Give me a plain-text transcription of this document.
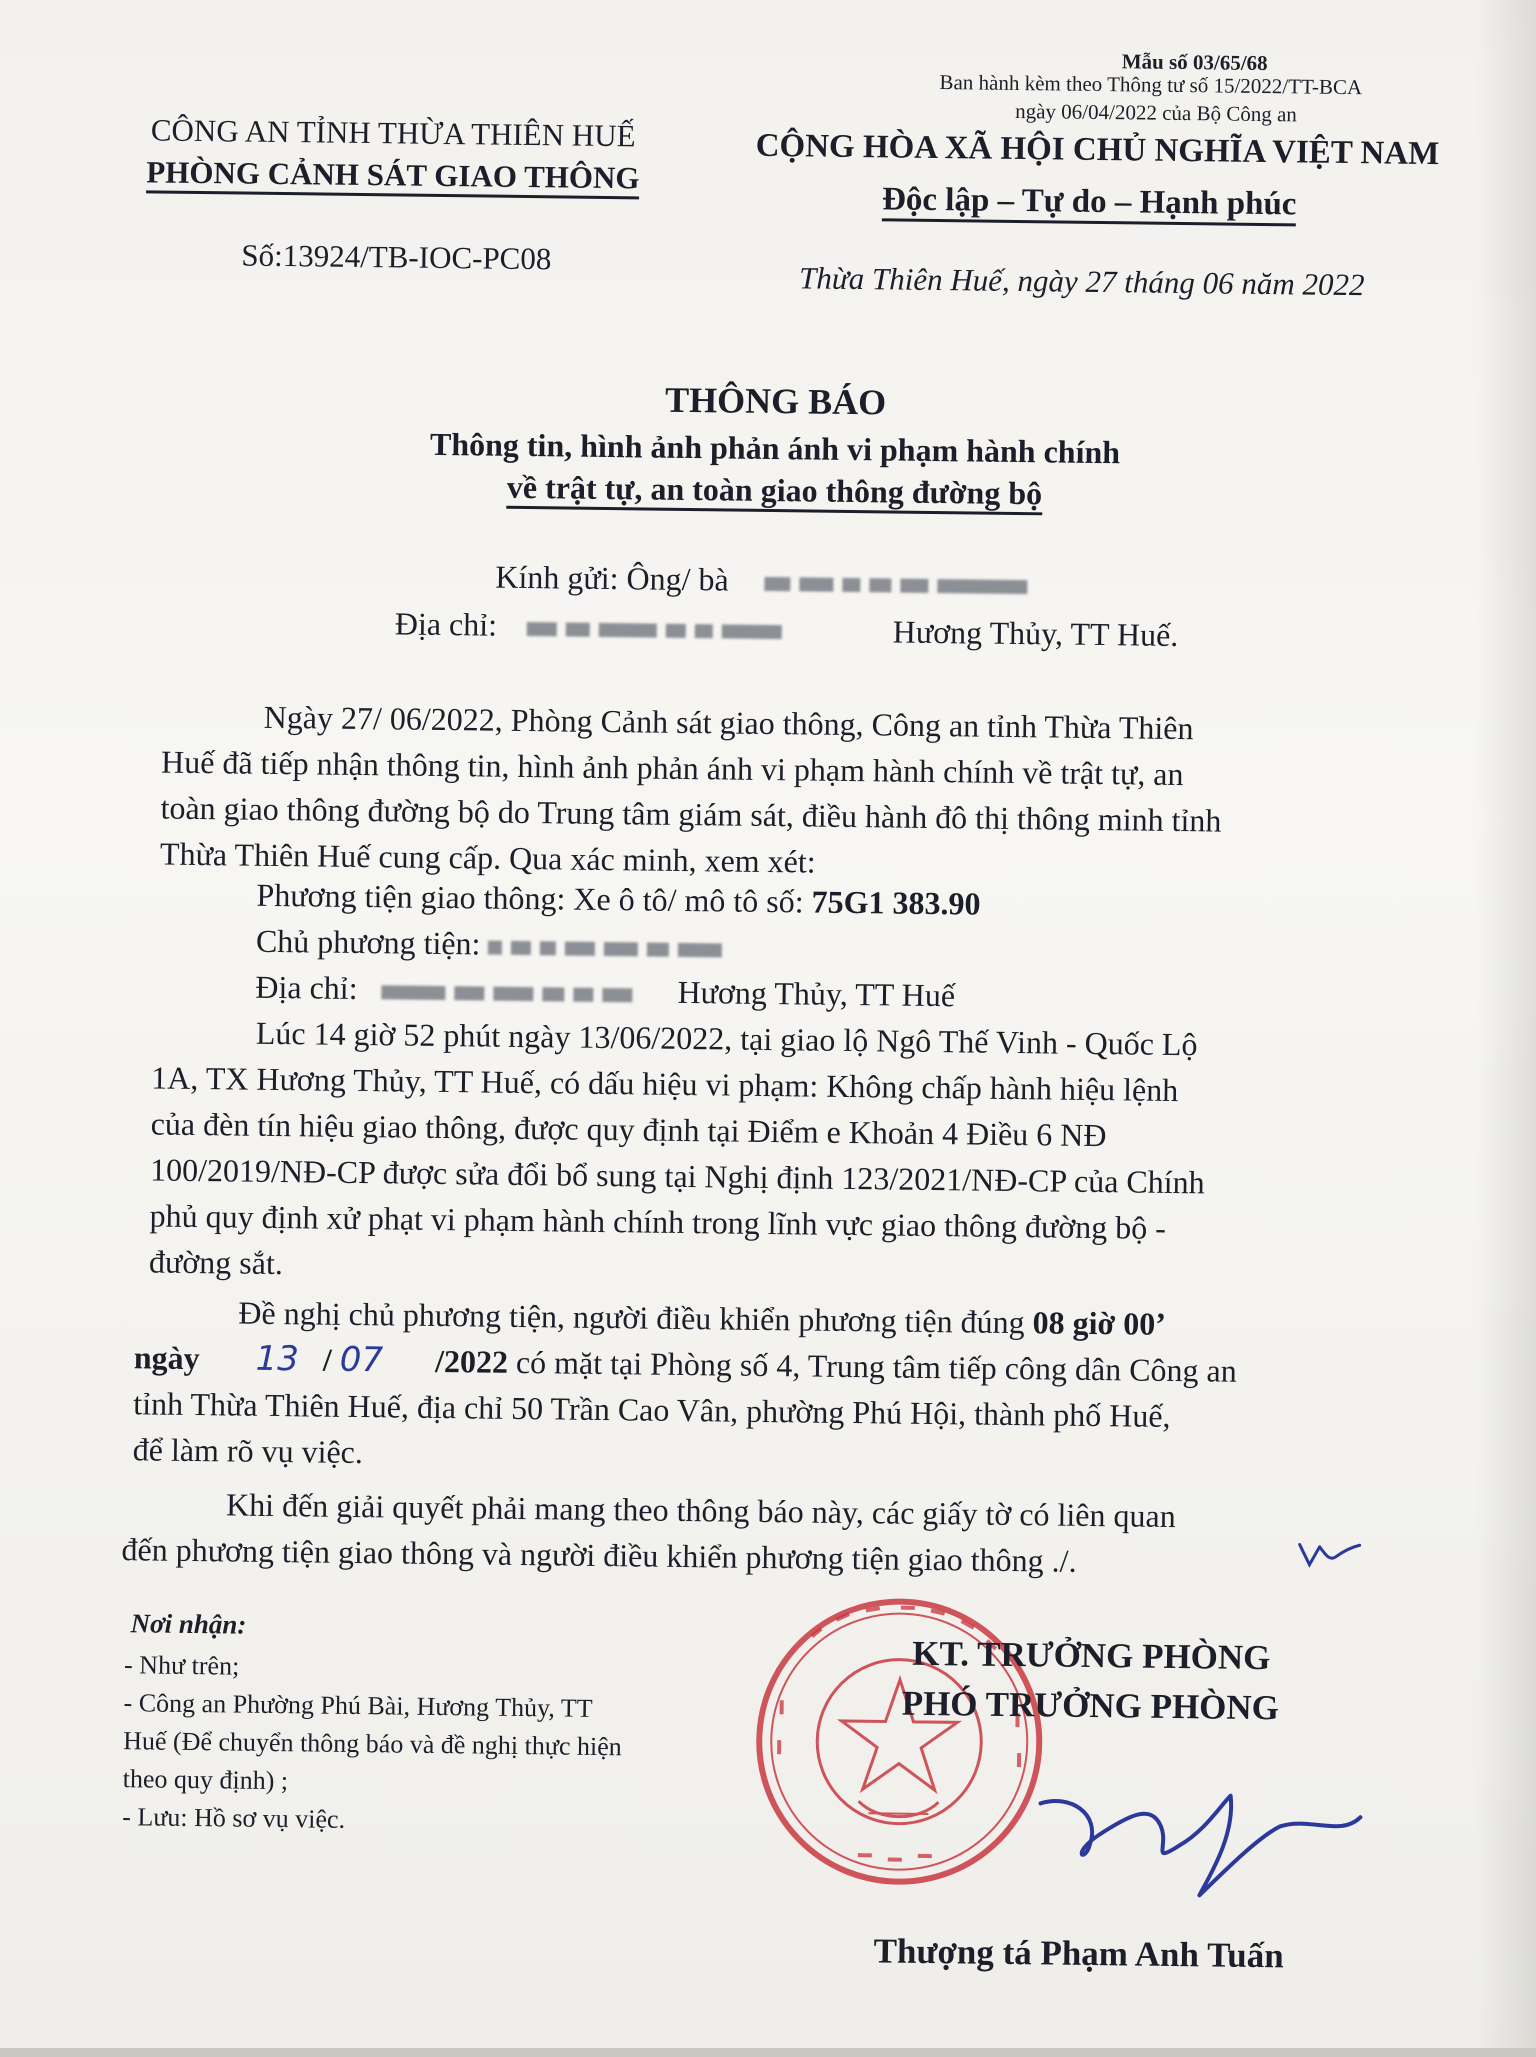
Mẫu số 03/65/68
Ban hành kèm theo Thông tư số 15/2022/TT-BCA
ngày 06/04/2022 của Bộ Công an
CÔNG AN TỈNH THỪA THIÊN HUẾ
PHÒNG CẢNH SÁT GIAO THÔNG
Số:13924/TB-IOC-PC08
CỘNG HÒA XÃ HỘI CHỦ NGHĨA VIỆT NAM
Độc lập – Tự do – Hạnh phúc
Thừa Thiên Huế, ngày 27 tháng 06 năm 2022
THÔNG BÁO
Thông tin, hình ảnh phản ánh vi phạm hành chính
về trật tự, an toàn giao thông đường bộ
Kính gửi: Ông/ bà
Địa chỉ:	Hương Thủy, TT Huế.
Ngày 27/ 06/2022, Phòng Cảnh sát giao thông, Công an tỉnh Thừa Thiên
Huế đã tiếp nhận thông tin, hình ảnh phản ánh vi phạm hành chính về trật tự, an
toàn giao thông đường bộ do Trung tâm giám sát, điều hành đô thị thông minh tỉnh
Thừa Thiên Huế cung cấp. Qua xác minh, xem xét:
Phương tiện giao thông: Xe ô tô/ mô tô số: 75G1 383.90
Chủ phương tiện:
Địa chỉ:	Hương Thủy, TT Huế
Lúc 14 giờ 52 phút ngày 13/06/2022, tại giao lộ Ngô Thế Vinh - Quốc Lộ
1A, TX Hương Thủy, TT Huế, có dấu hiệu vi phạm: Không chấp hành hiệu lệnh
của đèn tín hiệu giao thông, được quy định tại Điểm e Khoản 4 Điều 6 NĐ
100/2019/NĐ-CP được sửa đổi bổ sung tại Nghị định 123/2021/NĐ-CP của Chính
phủ quy định xử phạt vi phạm hành chính trong lĩnh vực giao thông đường bộ -
đường sắt.
Đề nghị chủ phương tiện, người điều khiển phương tiện đúng 08 giờ 00’
ngày 13 / 07 /2022 có mặt tại Phòng số 4, Trung tâm tiếp công dân Công an
tỉnh Thừa Thiên Huế, địa chỉ 50 Trần Cao Vân, phường Phú Hội, thành phố Huế,
để làm rõ vụ việc.
Khi đến giải quyết phải mang theo thông báo này, các giấy tờ có liên quan
đến phương tiện giao thông và người điều khiển phương tiện giao thông ./.
Nơi nhận:
- Như trên;
- Công an Phường Phú Bài, Hương Thủy, TT
Huế (Để chuyển thông báo và đề nghị thực hiện
theo quy định) ;
- Lưu: Hồ sơ vụ việc.
KT. TRƯỞNG PHÒNG
PHÓ TRƯỞNG PHÒNG
Thượng tá Phạm Anh Tuấn
